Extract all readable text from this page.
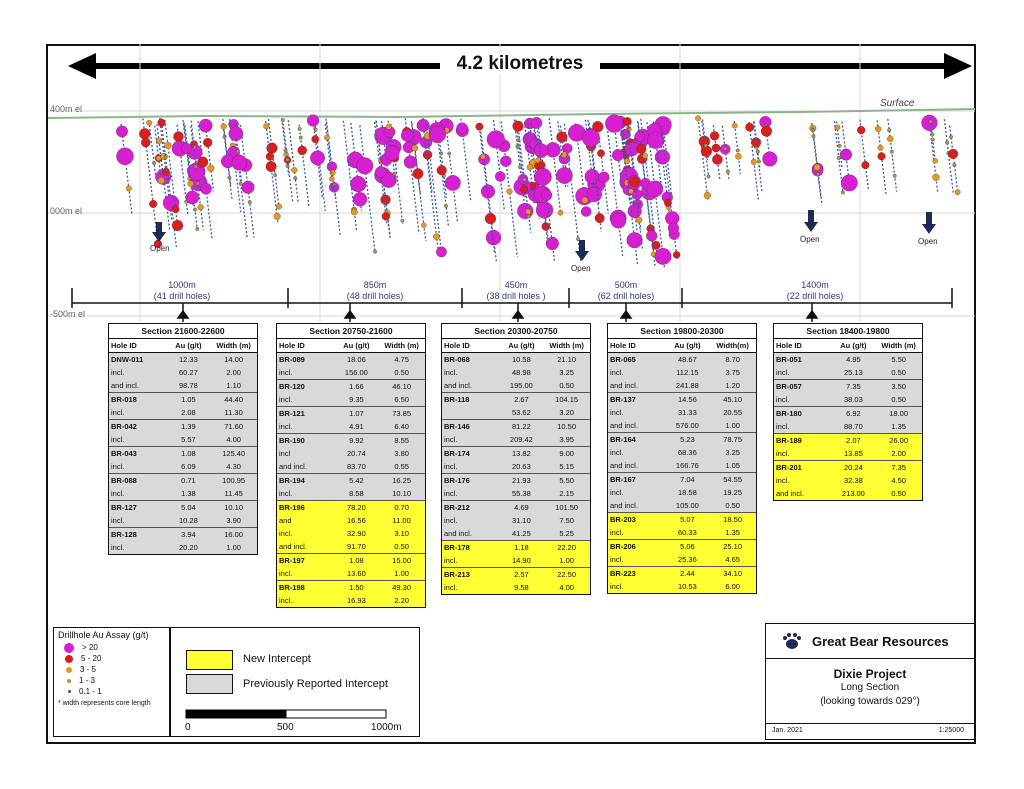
4.2 kilometres
400m el
000m el
-500m el
Surface
Open
Open
Open	Open
1000m
(41 drill holes)
850m
(48 drill holes)
450m
(38 drill holes )
500m
(62 drill holes)
1400m
(22 drill holes)
Section 21600-22600
Hole ID	Au (g/t)	Width (m)
DNW-011	12.33	14.00
incl.	60.27	2.00
and incl.	98.78	1.10
BR-018	1.05	44.40
incl.	2.08	11.30
BR-042	1.39	71.60
incl.	5.57	4.00
BR-043	1.08	125.40
incl.	6.09	4.30
BR-088	0.71	100.95
incl.	1.38	11.45
BR-127	5.04	10.10
incl.	10.28	3.90
BR-128	3.94	16.00
incl.	20.20	1.00
Section 20750-21600
Hole ID	Au (g/t)	Width (m)
BR-089	18.06	4.75
incl.	156.00	0.50
BR-120	1.66	46.10
incl.	9.35	6.50
BR-121	1.07	73.85
incl.	4.91	6.40
BR-190	9.92	8.55
incl	20.74	3.80
and incl.	83.70	0.55
BR-194	5.42	16.25
incl.	8.58	10.10
BR-196	78.20	0.70
and	16.56	11.00
incl.	32.90	3.10
and incl.	91.70	0.50
BR-197	1.08	15.00
incl.	13.60	1.00
BR-198	1.50	49.30
incl.	16.93	2.20
Section 20300-20750
Hole ID	Au (g/t)	Width (m)
BR-068	10.58	21.10
incl.	48.98	3.25
and incl.	195.00	0.50
BR-118	2.67	104.15
53.62	3.20
BR-146	81.22	10.50
incl.	209.42	3.95
BR-174	13.82	9.00
incl.	20.63	5.15
BR-176	21.93	5.50
incl.	55.38	2.15
BR-212	4.69	101.50
incl.	31.10	7.50
and incl.	41.25	5.25
BR-178	1.18	22.20
incl.	14.90	1.00
BR-213	2.57	22.50
incl.	9.58	4.00
Section 19800-20300
Hole ID	Au (g/t)	Width(m)
BR-065	48.67	8.70
incl.	112.15	3.75
and incl.	241.88	1.20
BR-137	14.56	45.10
incl.	31.33	20.55
and incl.	576.00	1.00
BR-164	5.23	78.75
incl.	68.36	3.25
and incl.	166.76	1.05
BR-167	7.04	54.55
incl.	18.58	19.25
and incl.	105.00	0.50
BR-203	5.07	18.50
incl.	60.33	1.35
BR-206	5.06	25.10
incl.	25.36	4.65
BR-223	2.44	34.10
incl.	10.53	6.00
Section 18400-19800
Hole ID	Au (g/t)	Width (m)
BR-051	4.95	5.50
incl.	25.13	0.50
BR-057	7.35	3.50
incl.	38.03	0.50
BR-180	6.92	18.00
incl.	88.70	1.35
BR-189	2.07	26.00
incl.	13.85	2.00
BR-201	20.24	7.35
incl.	32.38	4.50
and incl.	213.00	0.50
Drillhole Au Assay (g/t)
> 20
5 - 20
3 - 5
1 - 3
0.1 - 1
* width represents core length
New Intercept
Previously Reported Intercept
0	500	1000m
Great Bear Resources
Dixie Project
Long Section
(looking towards 029°)
Jan. 2021	1:25000
